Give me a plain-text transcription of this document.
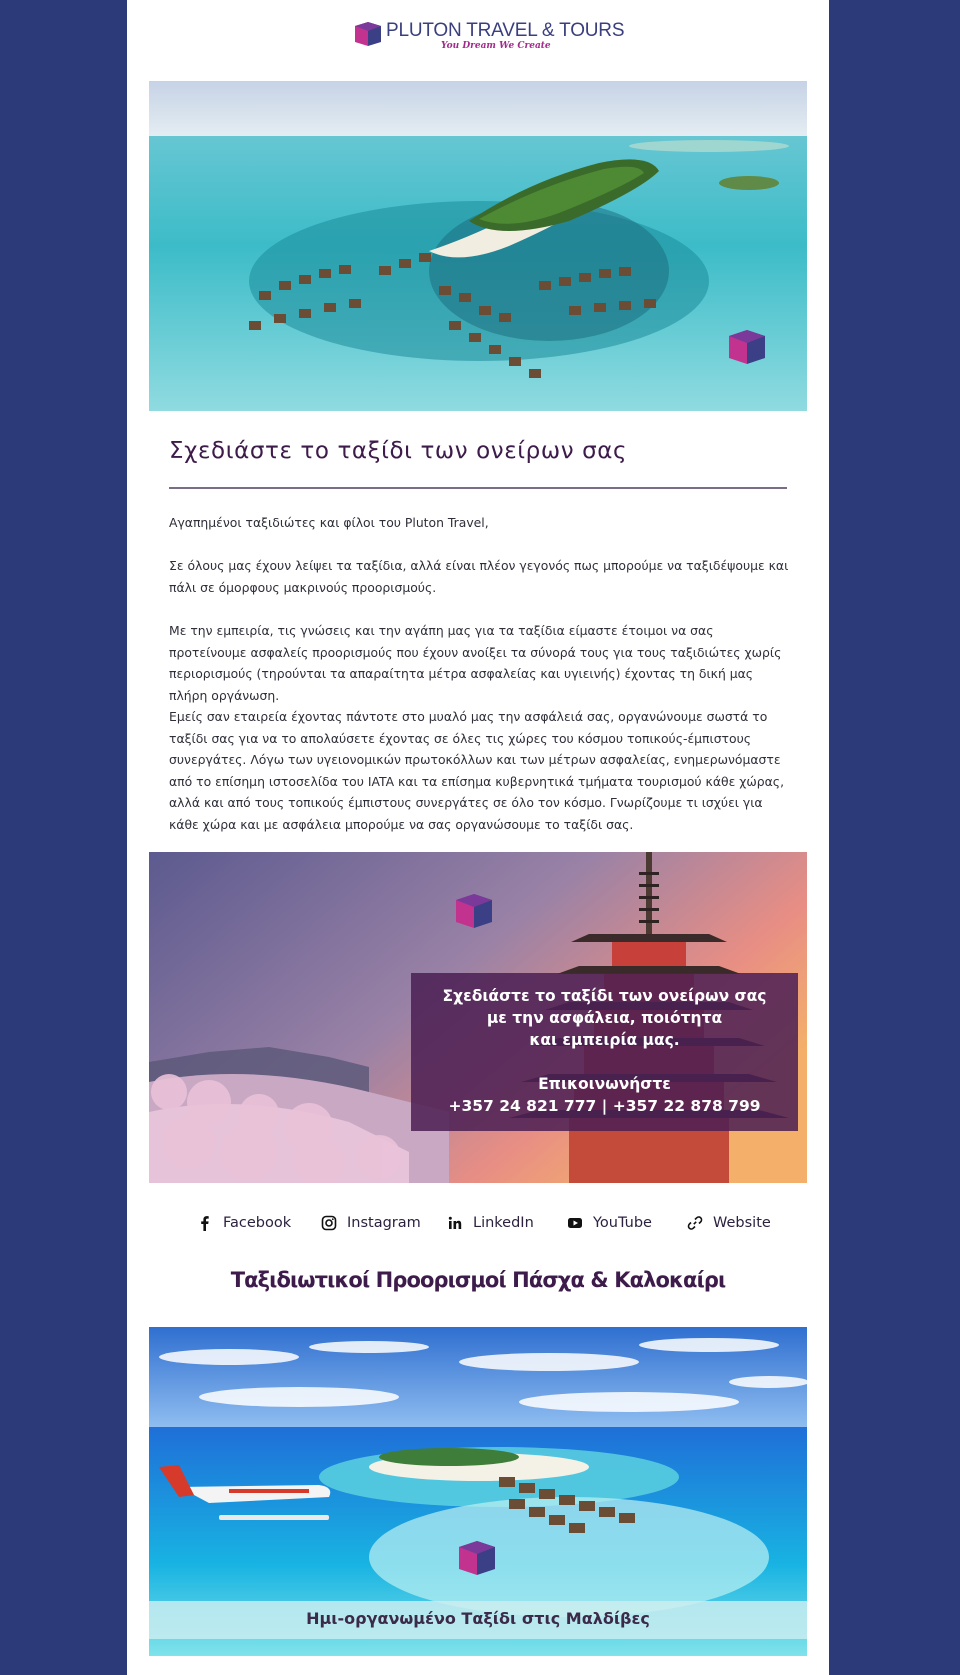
PLUTON TRAVEL & TOURS
You Dream We Create
Σχεδιάστε το ταξίδι των ονείρων σας

Αγαπημένοι ταξιδιώτες και φίλοι του Pluton Travel,

Σε όλους μας έχουν λείψει τα ταξίδια, αλλά είναι πλέον γεγονός πως μπορούμε να ταξιδέψουμε και πάλι σε όμορφους μακρινούς προορισμούς.

Με την εμπειρία, τις γνώσεις και την αγάπη μας για τα ταξίδια είμαστε έτοιμοι να σας προτείνουμε ασφαλείς προορισμούς που έχουν ανοίξει τα σύνορά τους για τους ταξιδιώτες χωρίς περιορισμούς (τηρούνται τα απαραίτητα μέτρα ασφαλείας και υγιεινής) έχοντας τη δική μας πλήρη οργάνωση.

Εμείς σαν εταιρεία έχοντας πάντοτε στο μυαλό μας την ασφάλειά σας, οργανώνουμε σωστά το ταξίδι σας για να το απολαύσετε έχοντας σε όλες τις χώρες του κόσμου τοπικούς-έμπιστους συνεργάτες. Λόγω των υγειονομικών πρωτοκόλλων και των μέτρων ασφαλείας, ενημερωνόμαστε από το επίσημη ιστοσελίδα του IATA και τα επίσημα κυβερνητικά τμήματα τουρισμού κάθε χώρας, αλλά και από τους τοπικούς έμπιστους συνεργάτες σε όλο τον κόσμο. Γνωρίζουμε τι ισχύει για κάθε χώρα και με ασφάλεια μπορούμε να σας οργανώσουμε το ταξίδι σας.

Σχεδιάστε το ταξίδι των ονείρων σας
με την ασφάλεια, ποιότητα
και εμπειρία μας.
Επικοινωνήστε
+357 24 821 777 | +357 22 878 799
Facebook	Instagram	LinkedIn	YouTube	Website
Ταξιδιωτικοί Προορισμοί Πάσχα & Καλοκαίρι
Ημι-οργανωμένο Ταξίδι στις Μαλδίβες
